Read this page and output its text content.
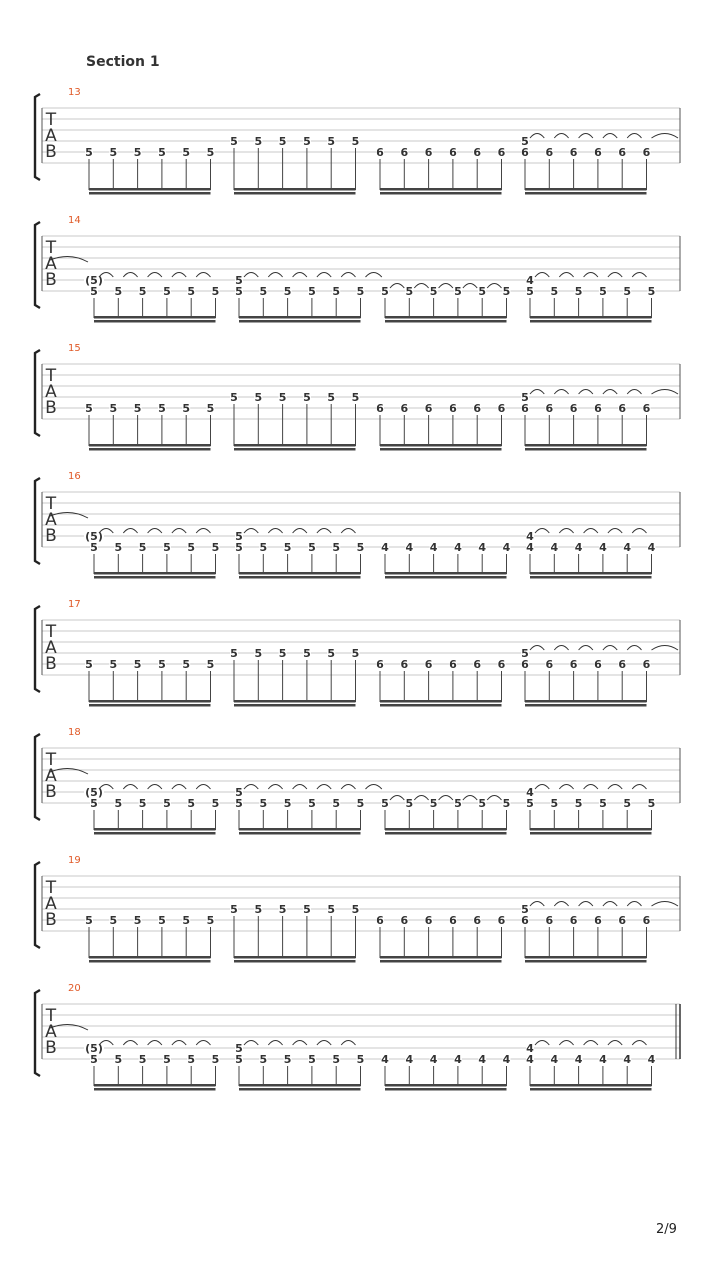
Section 1
13
T
A
B	5 5 5 5 5 5
5 5 5 5 5 5
6 6 6 6 6 6 6
5
6 6 6 6 6
14
T
A
B
5
(5)
5 5 5 5 5 5
5
5 5 5 5 5 5 5 5 5 5 5 5
4
5 5 5 5 5
15
T
A
B	5 5 5 5 5 5
5 5 5 5 5 5
6 6 6 6 6 6 6
5
6 6 6 6 6
16
T
A
B
5
(5)
5 5 5 5 5 5
5
5 5 5 5 5 4 4 4 4 4 4 4
4
4 4 4 4 4
17
T
A
B	5 5 5 5 5 5
5 5 5 5 5 5
6 6 6 6 6 6 6
5
6 6 6 6 6
18
T
A
B
5
(5)
5 5 5 5 5 5
5
5 5 5 5 5 5 5 5 5 5 5 5
4
5 5 5 5 5
19
T
A
B	5 5 5 5 5 5
5 5 5 5 5 5
6 6 6 6 6 6 6
5
6 6 6 6 6
20
T
A
B
5
(5)
5 5 5 5 5 5
5
5 5 5 5 5 4 4 4 4 4 4 4
4
4 4 4 4 4
2/9
